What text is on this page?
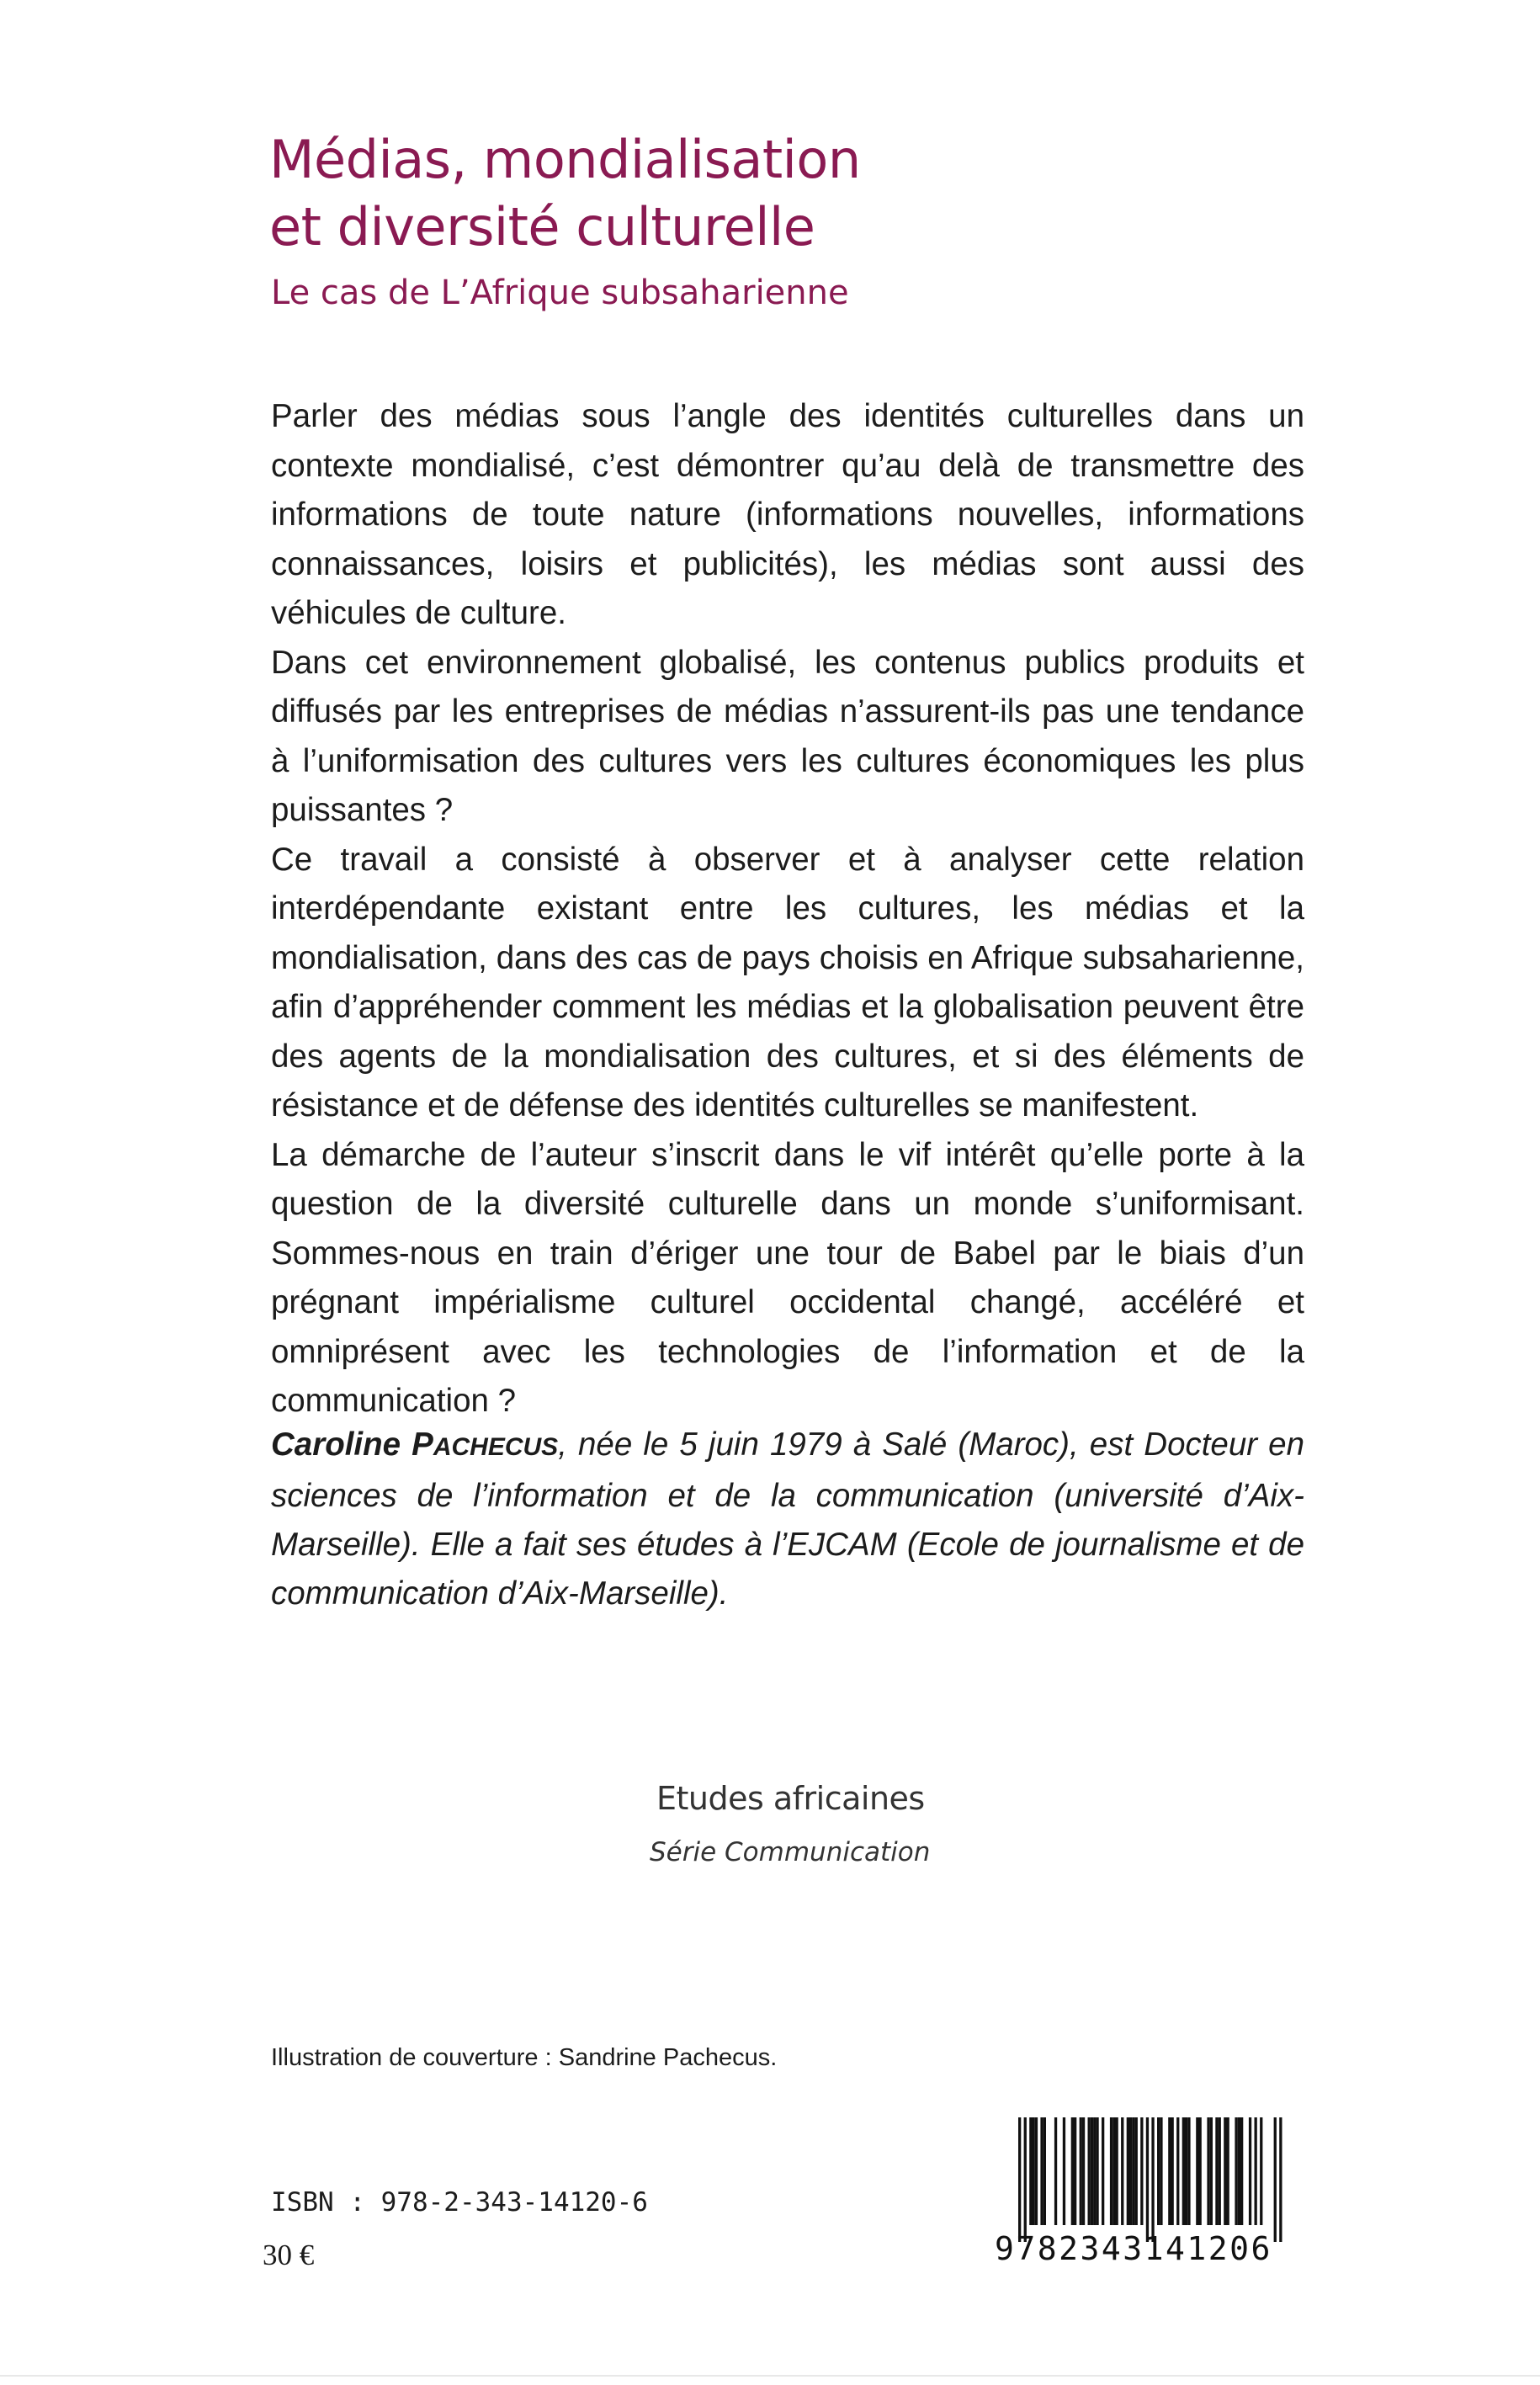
Médias, mondialisation
et diversité culturelle
Le cas de L’Afrique subsaharienne

Parler des médias sous l’angle des identités culturelles dans un contexte mondialisé, c’est démontrer qu’au delà de transmettre des informations de toute nature (informations nouvelles, informations connaissances, loisirs et publicités), les médias sont aussi des véhicules de culture.

Dans cet environnement globalisé, les contenus publics produits et diffusés par les entreprises de médias n’assurent-ils pas une tendance à l’uniformisation des cultures vers les cultures économiques les plus puissantes ?

Ce travail a consisté à observer et à analyser cette relation interdépendante existant entre les cultures, les médias et la mondialisation, dans des cas de pays choisis en Afrique subsaharienne, afin d’appréhender comment les médias et la globalisation peuvent être des agents de la mondialisation des cultures, et si des éléments de résistance et de défense des identités culturelles se manifestent.

La démarche de l’auteur s’inscrit dans le vif intérêt qu’elle porte à la question de la diversité culturelle dans un monde s’uniformisant. Sommes-nous en train d’ériger une tour de Babel par le biais d’un prégnant impérialisme culturel occidental changé, accéléré et omniprésent avec les technologies de l’information et de la communication ?

Caroline PACHECUS, née le 5 juin 1979 à Salé (Maroc), est Docteur en sciences de l’information et de la communication (université d’Aix-Marseille). Elle a fait ses études à l’EJCAM (Ecole de journalisme et de communication d’Aix-Marseille).
Etudes africaines
Série Communication
Illustration de couverture : Sandrine Pachecus.
ISBN : 978-2-343-14120-6
30 €	9782343141206
